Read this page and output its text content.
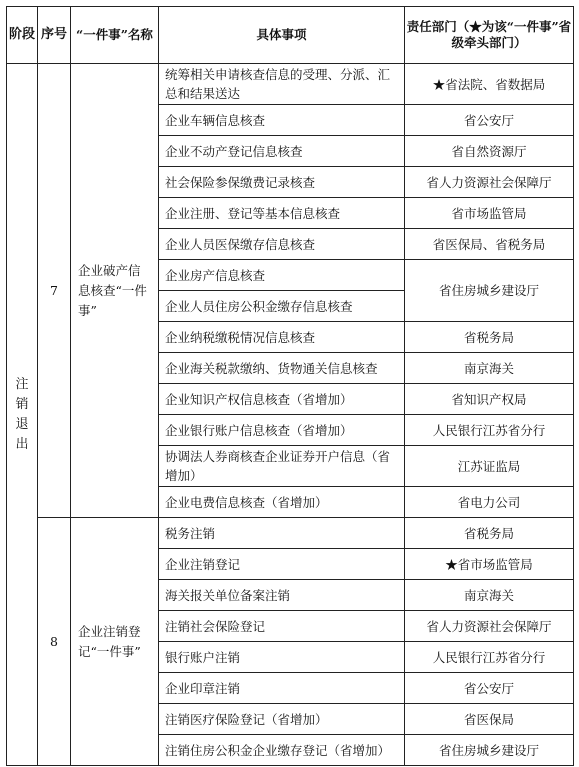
阶段	序号	“一件事”名称	具体事项	责任部门（★为该“一件事”省级牵头部门）
注销退出	7	企业破产信息核查“一件事”	统筹相关申请核查信息的受理、分派、汇总和结果送达	★省法院、省数据局
			企业车辆信息核查	省公安厅
			企业不动产登记信息核查	省自然资源厅
			社会保险参保缴费记录核查	省人力资源社会保障厅
			企业注册、登记等基本信息核查	省市场监管局
			企业人员医保缴存信息核查	省医保局、省税务局
			企业房产信息核查	省住房城乡建设厅
			企业人员住房公积金缴存信息核查	
			企业纳税缴税情况信息核查	省税务局
			企业海关税款缴纳、货物通关信息核查	南京海关
			企业知识产权信息核查（省增加）	省知识产权局
			企业银行账户信息核查（省增加）	人民银行江苏省分行
			协调法人券商核查企业证券开户信息（省增加）	江苏证监局
			企业电费信息核查（省增加）	省电力公司
	8	企业注销登记“一件事”	税务注销	省税务局
			企业注销登记	★省市场监管局
			海关报关单位备案注销	南京海关
			注销社会保险登记	省人力资源社会保障厅
			银行账户注销	人民银行江苏省分行
			企业印章注销	省公安厅
			注销医疗保险登记（省增加）	省医保局
			注销住房公积金企业缴存登记（省增加）	省住房城乡建设厅
